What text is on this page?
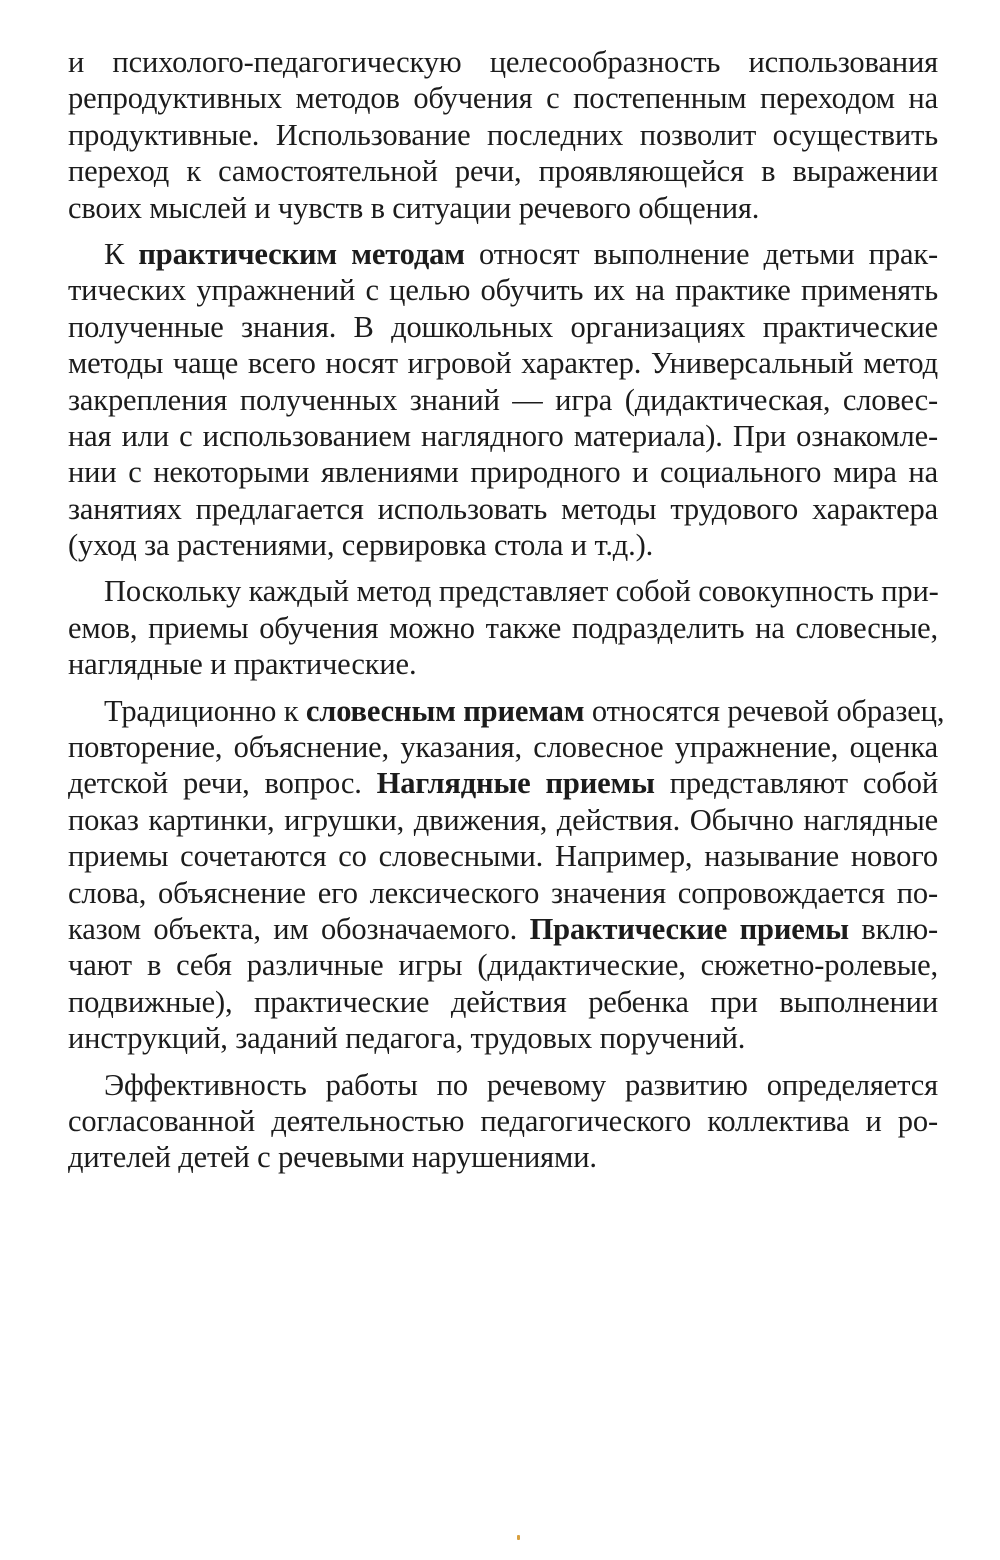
и психолого-педагогическую целесообразность использования
репродуктивных методов обучения с постепенным переходом на
продуктивные. Использование последних позволит осуществить
переход к самостоятельной речи, проявляющейся в выражении
своих мыслей и чувств в ситуации речевого общения.
К практическим методам относят выполнение детьми прак-
тических упражнений с целью обучить их на практике применять
полученные знания. В дошкольных организациях практические
методы чаще всего носят игровой характер. Универсальный метод
закрепления полученных знаний — игра (дидактическая, словес-
ная или с использованием наглядного материала). При ознакомле-
нии с некоторыми явлениями природного и социального мира на
занятиях предлагается использовать методы трудового характера
(уход за растениями, сервировка стола и т.д.).
Поскольку каждый метод представляет собой совокупность при-
емов, приемы обучения можно также подразделить на словесные,
наглядные и практические.
Традиционно к словесным приемам относятся речевой образец,
повторение, объяснение, указания, словесное упражнение, оценка
детской речи, вопрос. Наглядные приемы представляют собой
показ картинки, игрушки, движения, действия. Обычно наглядные
приемы сочетаются со словесными. Например, называние нового
слова, объяснение его лексического значения сопровождается по-
казом объекта, им обозначаемого. Практические приемы вклю-
чают в себя различные игры (дидактические, сюжетно-ролевые,
подвижные), практические действия ребенка при выполнении
инструкций, заданий педагога, трудовых поручений.
Эффективность работы по речевому развитию определяется
согласованной деятельностью педагогического коллектива и ро-
дителей детей с речевыми нарушениями.
